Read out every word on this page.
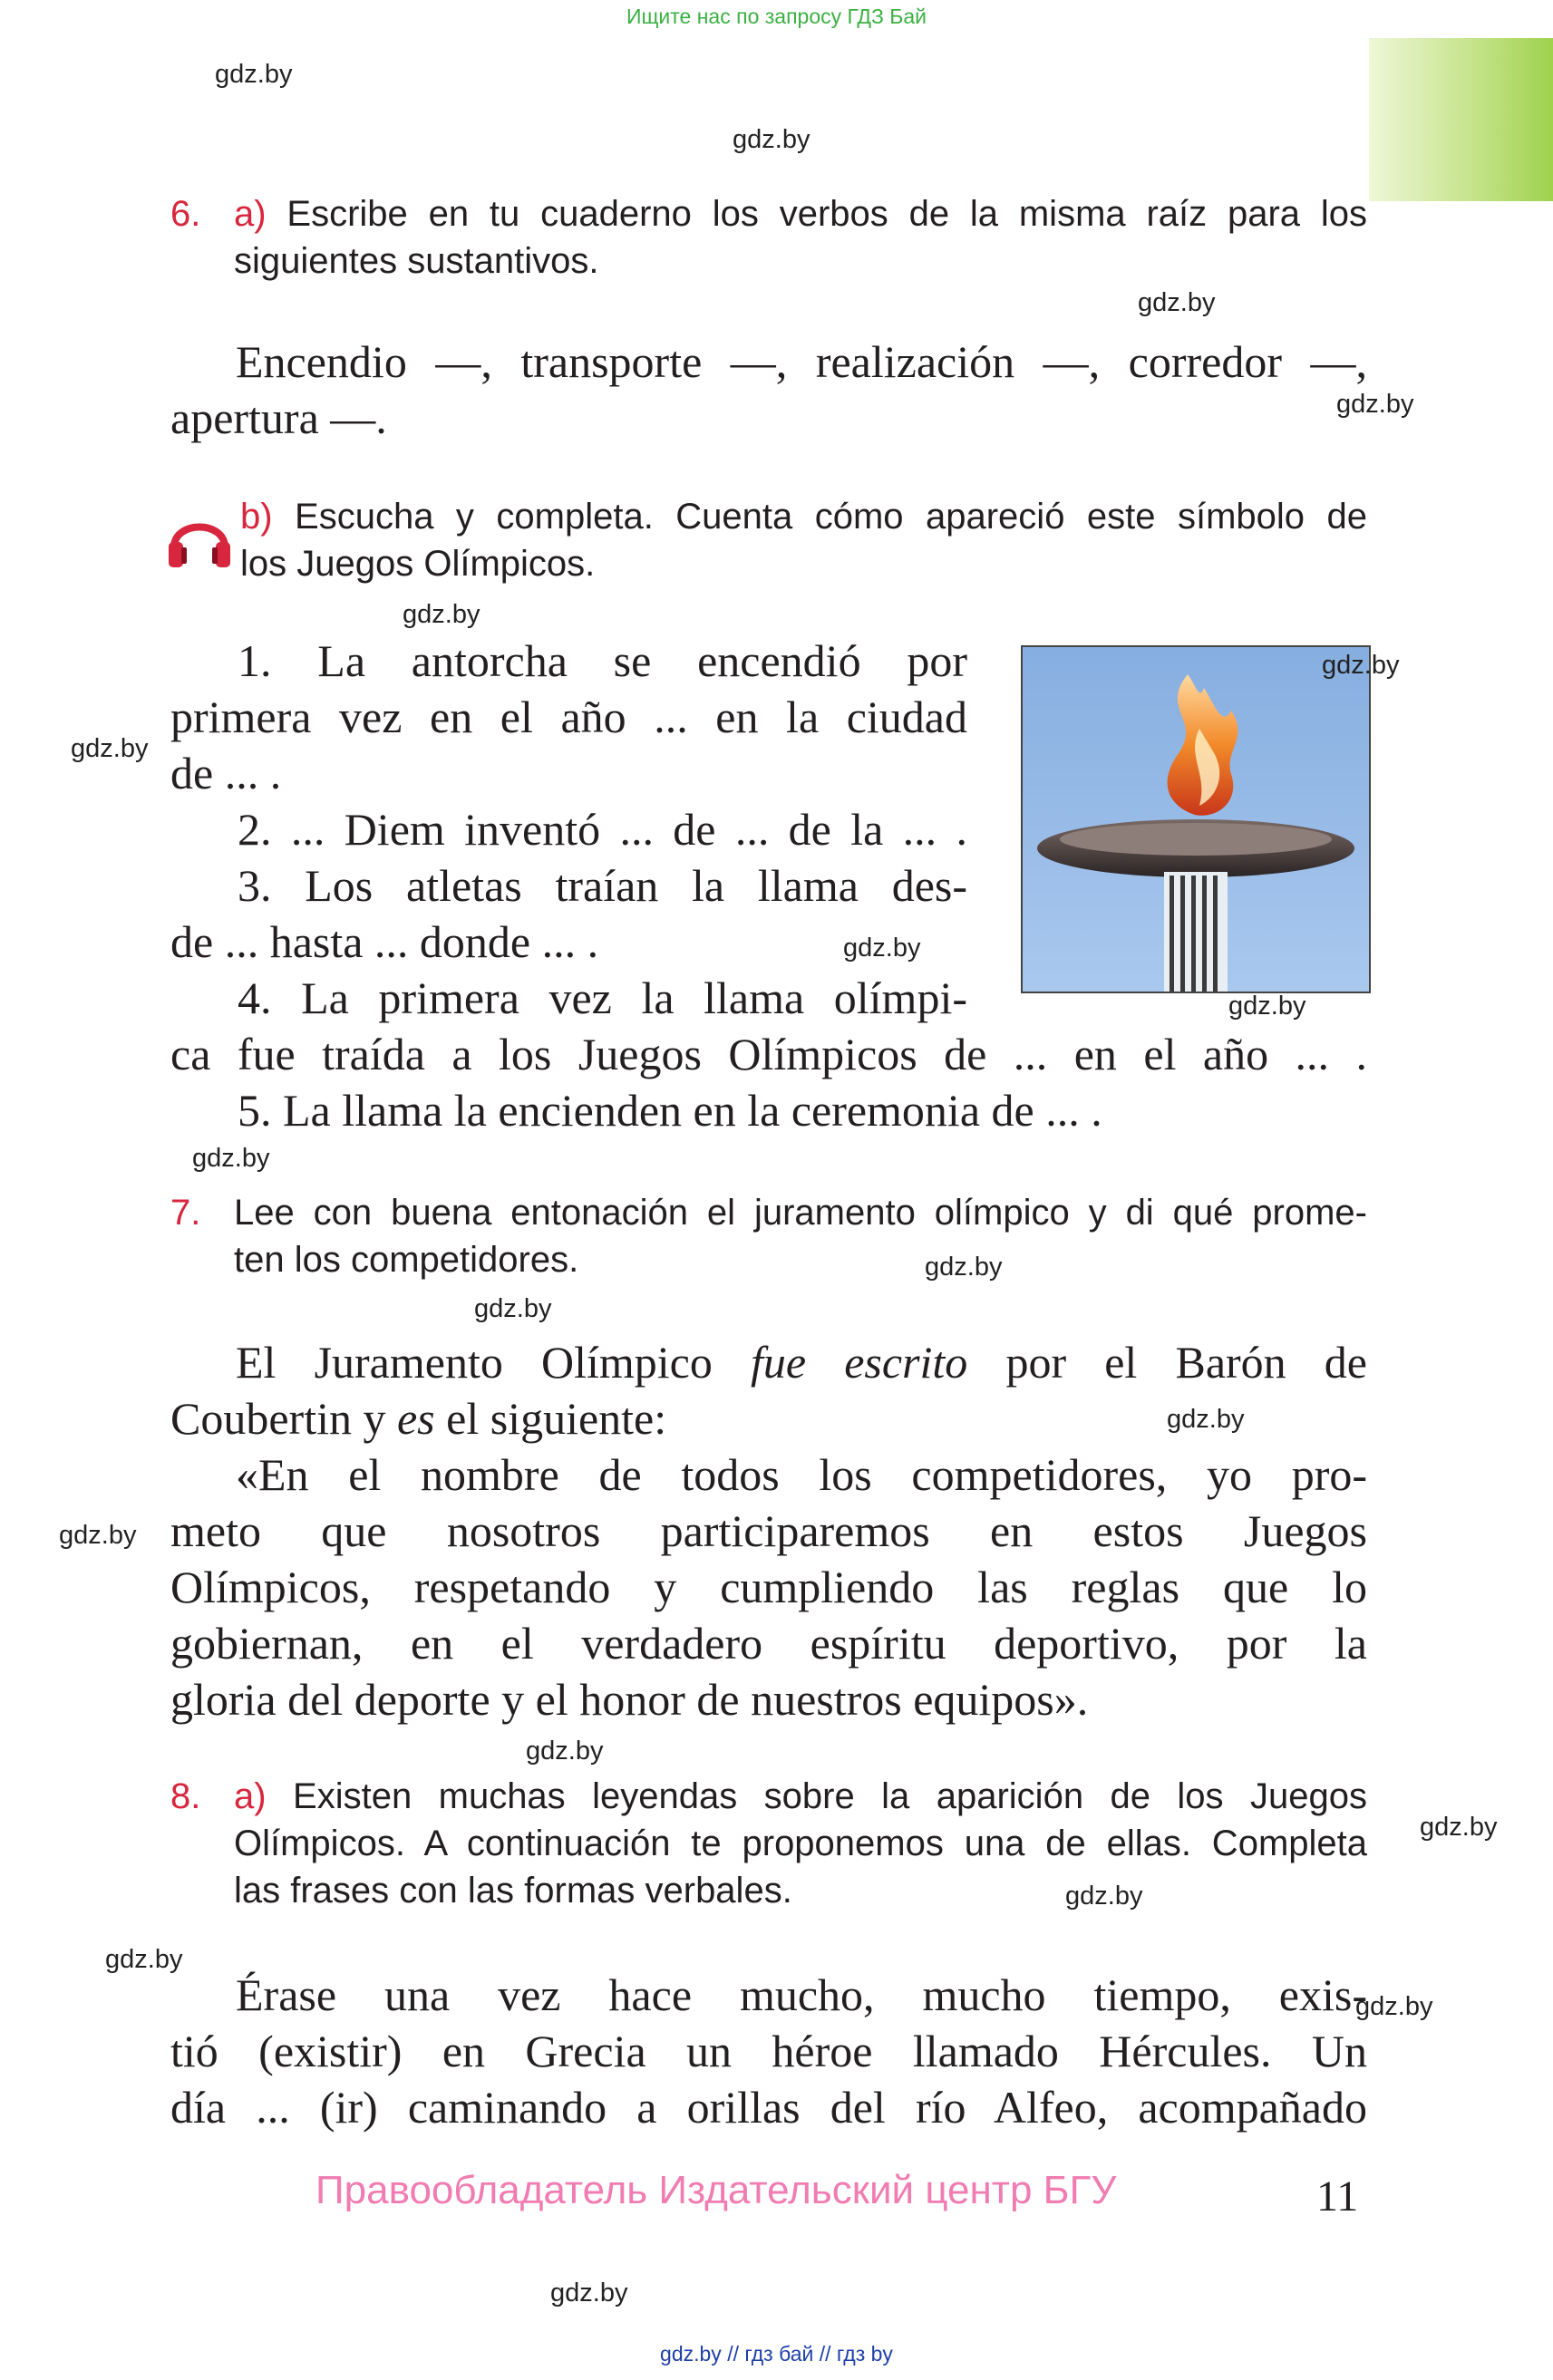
Ищите нас по запросу ГДЗ Бай
6. a) Escribe en tu cuaderno los verbos de la misma raíz para los
siguientes sustantivos.
Encendio —, transporte —, realización —, corredor —,
apertura —.
b) Escucha y completa. Cuenta cómo apareció este símbolo de
los Juegos Olímpicos.
1. La antorcha se encendió por
primera vez en el año ... en la ciudad
de ... .
2. ... Diem inventó ... de ... de la ... .
3. Los atletas traían la llama des-
de ... hasta ... donde ... .
4. La primera vez la llama olímpi-
ca fue traída a los Juegos Olímpicos de ... en el año ... .
5. La llama la encienden en la ceremonia de ... .
7. Lee con buena entonación el juramento olímpico y di qué prome-
ten los competidores.
El Juramento Olímpico fue escrito por el Barón de
Coubertin y es el siguiente:
«En el nombre de todos los competidores, yo pro-
meto que nosotros participaremos en estos Juegos
Olímpicos, respetando y cumpliendo las reglas que lo
gobiernan, en el verdadero espíritu deportivo, por la
gloria del deporte y el honor de nuestros equipos».
8. a) Existen muchas leyendas sobre la aparición de los Juegos
Olímpicos. A continuación te proponemos una de ellas. Completa
las frases con las formas verbales.
Érase una vez hace mucho, mucho tiempo, exis-
tió (existir) en Grecia un héroe llamado Hércules. Un
día ... (ir) caminando a orillas del río Alfeo, acompañado
Правообладатель Издательский центр БГУ	11
gdz.by // гдз бай // гдз by
gdz.by
gdz.by
gdz.by
gdz.by
gdz.by
gdz.by
gdz.by
gdz.by
gdz.by
gdz.by
gdz.by
gdz.by
gdz.by
gdz.by
gdz.by
gdz.by
gdz.by
gdz.by
gdz.by
gdz.by
